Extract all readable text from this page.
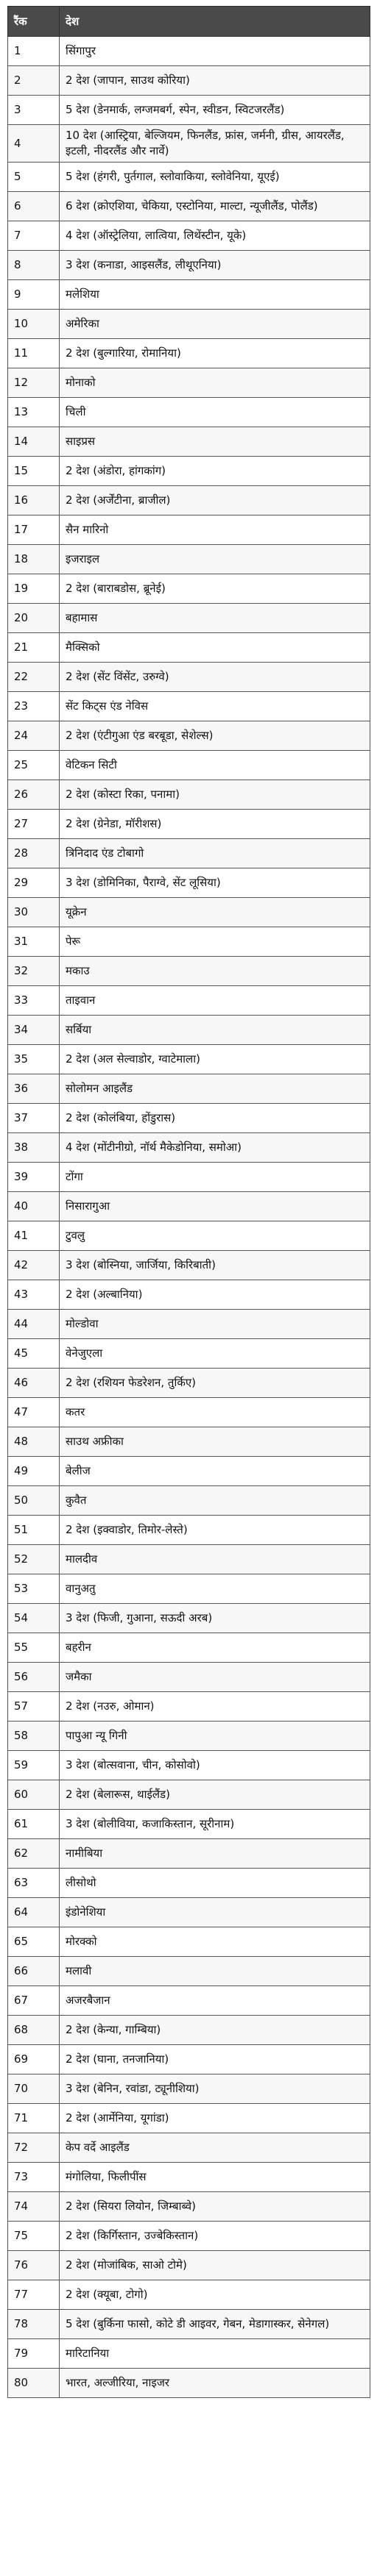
रैंक	देश
1	सिंगापुर
2	2 देश (जापान, साउथ कोरिया)
3	5 देश (डेनमार्क, लग्जमबर्ग, स्पेन, स्वीडन, स्विटजरलैंड)
4	10 देश (आस्ट्रिया, बेल्जियम, फिनलैंड, फ्रांस, जर्मनी, ग्रीस, आयरलैंड, इटली, नीदरलैंड और नार्वे)
5	5 देश (हंगरी, पुर्तगाल, स्लोवाकिया, स्लोवेनिया, यूएई)
6	6 देश (क्रोएशिया, चेकिया, एस्टोनिया, माल्टा, न्यूजीलैंड, पोलैंड)
7	4 देश (ऑस्ट्रेलिया, लात्विया, लिथेंस्टीन, यूके)
8	3 देश (कनाडा, आइसलैंड, लीथूएनिया)
9	मलेशिया
10	अमेरिका
11	2 देश (बुल्गारिया, रोमानिया)
12	मोनाको
13	चिली
14	साइप्रस
15	2 देश (अंडोरा, हांगकांग)
16	2 देश (अर्जेंटीना, ब्राजील)
17	सैन मारिनो
18	इजराइल
19	2 देश (बाराबडोस, ब्रूनेई)
20	बहामास
21	मैक्सिको
22	2 देश (सेंट विंसेंट, उरुग्वे)
23	सेंट किट्स एंड नेविस
24	2 देश (एंटीगुआ एंड बरबूडा, सेशेल्स)
25	वेटिकन सिटी
26	2 देश (कोस्टा रिका, पनामा)
27	2 देश (ग्रेनेडा, मॉरीशस)
28	त्रिनिदाद एंड टोबागो
29	3 देश (डोमिनिका, पैराग्वे, सेंट लूसिया)
30	यूक्रेन
31	पेरू
32	मकाउ
33	ताइवान
34	सर्बिया
35	2 देश (अल सेल्वाडोर, ग्वाटेमाला)
36	सोलोमन आइलैंड
37	2 देश (कोलंबिया, होंडुरास)
38	4 देश (मोंटीनीग्रो, नॉर्थ मैकेडोनिया, समोआ)
39	टोंगा
40	निसारागुआ
41	टुवलु
42	3 देश (बोस्निया, जार्जिया, किरिबाती)
43	2 देश (अल्बानिया)
44	मोल्डोवा
45	वेनेजुएला
46	2 देश (रशियन फेडरेशन, तुर्किए)
47	कतर
48	साउथ अफ्रीका
49	बेलीज
50	कुवैत
51	2 देश (इक्वाडोर, तिमोर-लेस्ते)
52	मालदीव
53	वानुअतु
54	3 देश (फिजी, गुआना, सऊदी अरब)
55	बहरीन
56	जमैका
57	2 देश (नउरु, ओमान)
58	पापुआ न्यू गिनी
59	3 देश (बोत्सवाना, चीन, कोसोवो)
60	2 देश (बेलारूस, थाईलैंड)
61	3 देश (बोलीविया, कजाकिस्तान, सूरीनाम)
62	नामीबिया
63	लीसोथो
64	इंडोनेशिया
65	मोरक्को
66	मलावी
67	अजरबैजान
68	2 देश (केन्या, गाम्बिया)
69	2 देश (घाना, तनजानिया)
70	3 देश (बेनिन, रवांडा, ट्यूनीशिया)
71	2 देश (आर्मेनिया, यूगांडा)
72	केप वर्दे आइलैंड
73	मंगोलिया, फिलीपींस
74	2 देश (सियरा लियोन, जिम्बाब्वे)
75	2 देश (किर्गिस्तान, उज्बेकिस्तान)
76	2 देश (मोजांबिक, साओ टोमे)
77	2 देश (क्यूबा, टोगो)
78	5 देश (बुर्किना फासो, कोटे डी आइवर, गेबन, मेडागास्कर, सेनेगल)
79	मारिटानिया
80	भारत, अल्जीरिया, नाइजर
